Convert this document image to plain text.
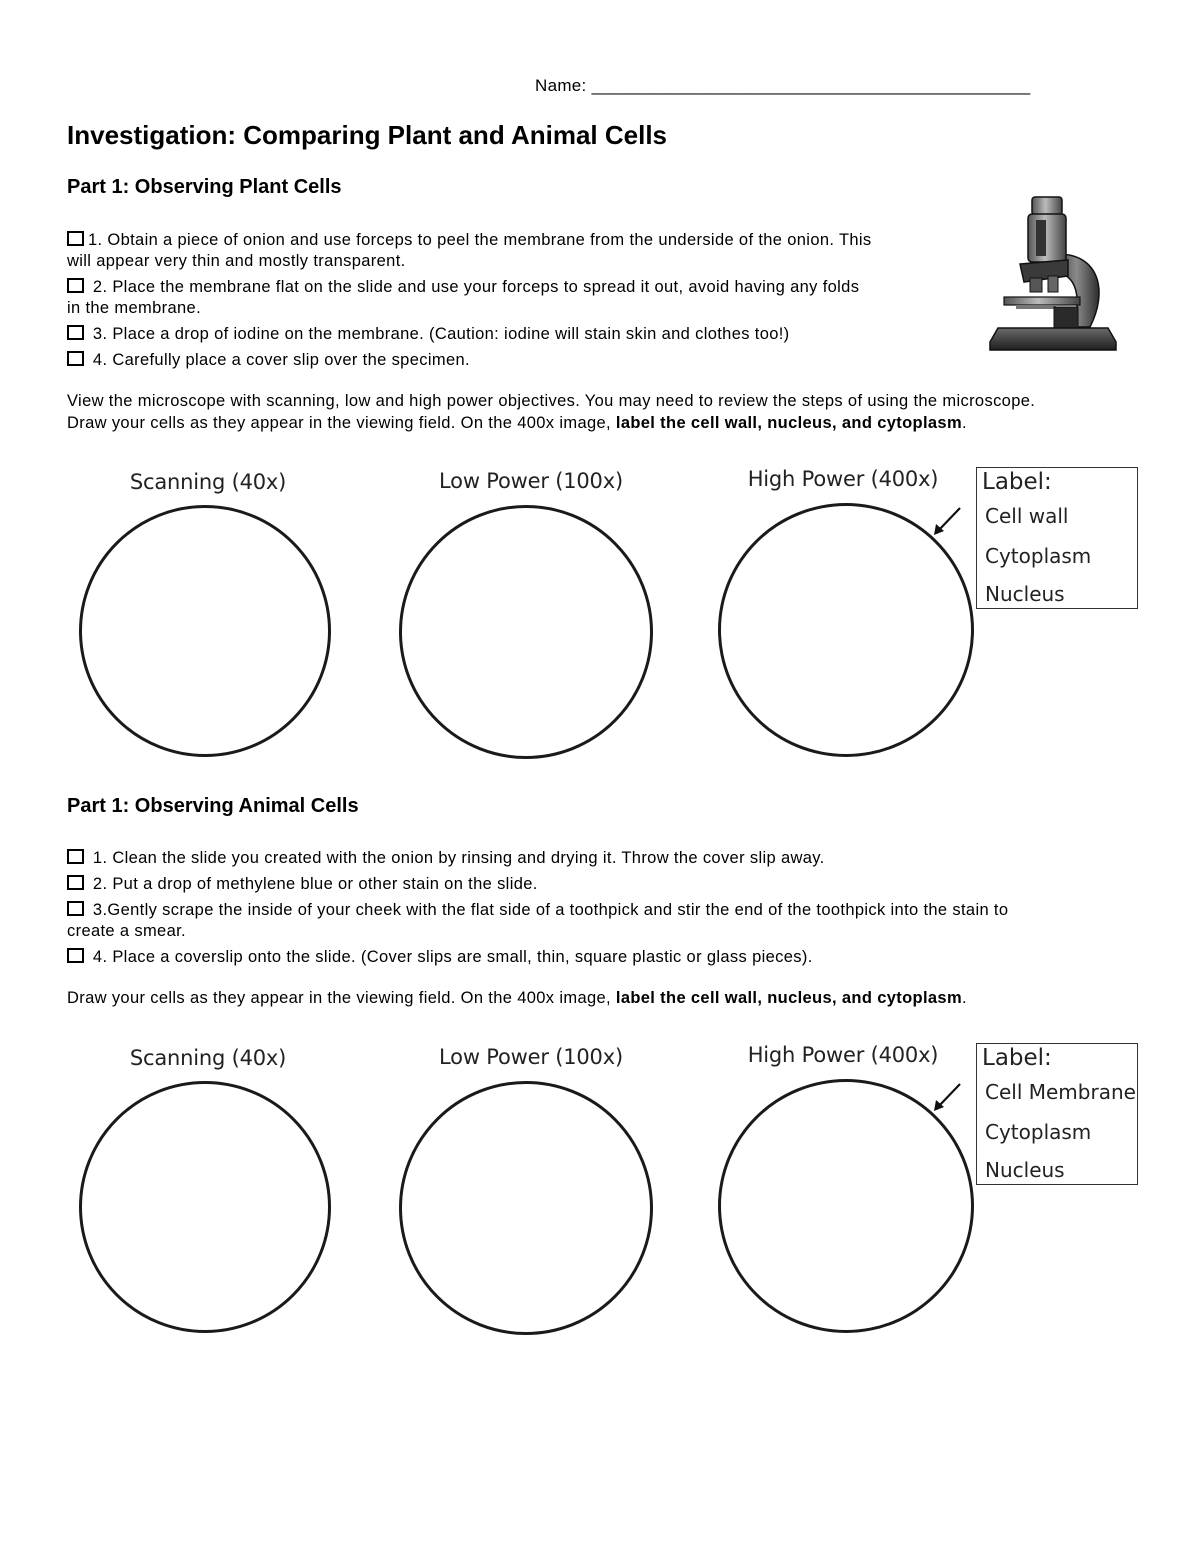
Name: _____________________________________________
Investigation: Comparing Plant and Animal Cells
Part 1: Observing Plant Cells
1. Obtain a piece of onion and use forceps to peel the membrane from the underside of the onion. This
will appear very thin and mostly transparent.
2. Place the membrane flat on the slide and use your forceps to spread it out, avoid having any folds
in the membrane.
3. Place a drop of iodine on the membrane. (Caution: iodine will stain skin and clothes too!)
4. Carefully place a cover slip over the specimen.
View the microscope with scanning, low and high power objectives. You may need to review the steps of using the microscope.
Draw your cells as they appear in the viewing field. On the 400x image, label the cell wall, nucleus, and cytoplasm.
Scanning (40x)	Low Power (100x)	High Power (400x) Label:
Cell wall
Cytoplasm
Nucleus
Part 1: Observing Animal Cells
1. Clean the slide you created with the onion by rinsing and drying it. Throw the cover slip away.
2. Put a drop of methylene blue or other stain on the slide.
3.Gently scrape the inside of your cheek with the flat side of a toothpick and stir the end of the toothpick into the stain to
create a smear.
4. Place a coverslip onto the slide. (Cover slips are small, thin, square plastic or glass pieces).
Draw your cells as they appear in the viewing field. On the 400x image, label the cell wall, nucleus, and cytoplasm.
Scanning (40x)	Low Power (100x)	High Power (400x) Label:
Cell Membrane
Cytoplasm
Nucleus
